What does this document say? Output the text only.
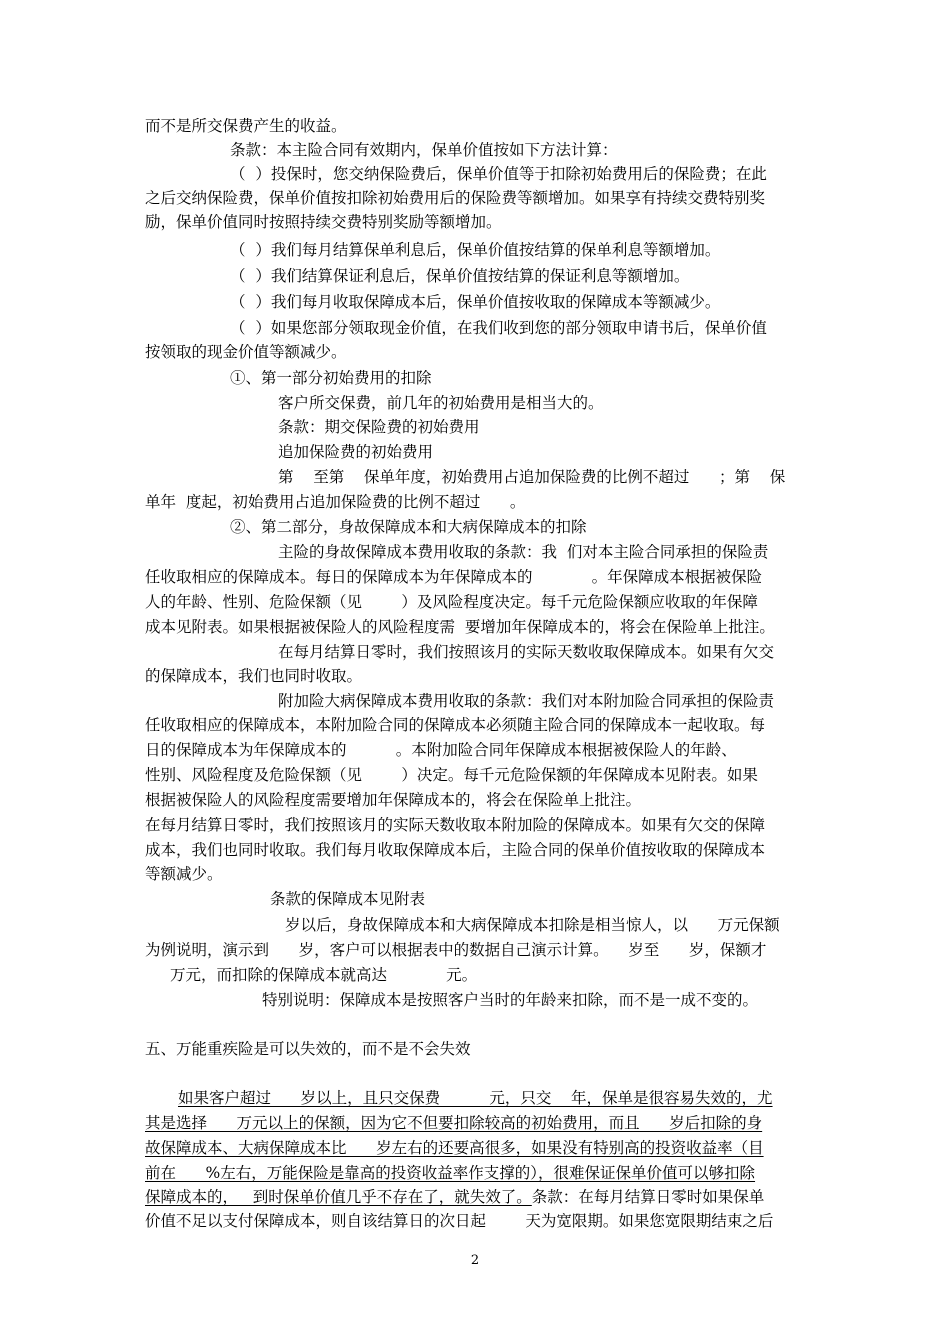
而不是所交保费产生的收益。
条款：本主险合同有效期内，保单价值按如下方法计算：
（  ）投保时，您交纳保险费后，保单价值等于扣除初始费用后的保险费；在此
之后交纳保险费，保单价值按扣除初始费用后的保险费等额增加。如果享有持续交费特别奖
励，保单价值同时按照持续交费特别奖励等额增加。
（  ）我们每月结算保单利息后，保单价值按结算的保单利息等额增加。
（  ）我们结算保证利息后，保单价值按结算的保证利息等额增加。
（  ）我们每月收取保障成本后，保单价值按收取的保障成本等额减少。
（  ）如果您部分领取现金价值，在我们收到您的部分领取申请书后，保单价值
按领取的现金价值等额减少。
①、第一部分初始费用的扣除
客户所交保费，前几年的初始费用是相当大的。
条款：期交保险费的初始费用
追加保险费的初始费用
第    至第    保单年度，初始费用占追加保险费的比例不超过      ；第    保
单年  度起，初始费用占追加保险费的比例不超过      。
②、第二部分，身故保障成本和大病保障成本的扣除
主险的身故保障成本费用收取的条款：我  们对本主险合同承担的保险责
任收取相应的保障成本。每日的保障成本为年保障成本的            。年保障成本根据被保险
人的年龄、性别、危险保额（见        ）及风险程度决定。每千元危险保额应收取的年保障
成本见附表。如果根据被保险人的风险程度需  要增加年保障成本的，将会在保险单上批注。
在每月结算日零时，我们按照该月的实际天数收取保障成本。如果有欠交
的保障成本，我们也同时收取。
附加险大病保障成本费用收取的条款：我们对本附加险合同承担的保险责
任收取相应的保障成本，本附加险合同的保障成本必须随主险合同的保障成本一起收取。每
日的保障成本为年保障成本的          。本附加险合同年保障成本根据被保险人的年龄、
性别、风险程度及危险保额（见        ）决定。每千元危险保额的年保障成本见附表。如果
根据被保险人的风险程度需要增加年保障成本的，将会在保险单上批注。
在每月结算日零时，我们按照该月的实际天数收取本附加险的保障成本。如果有欠交的保障
成本，我们也同时收取。我们每月收取保障成本后，主险合同的保单价值按收取的保障成本
等额减少。
条款的保障成本见附表
岁以后，身故保障成本和大病保障成本扣除是相当惊人，以      万元保额
为例说明，演示到      岁，客户可以根据表中的数据自己演示计算。    岁至      岁，保额才
万元，而扣除的保障成本就高达            元。
特别说明：保障成本是按照客户当时的年龄来扣除，而不是一成不变的。
五、万能重疾险是可以失效的，而不是不会失效
如果客户超过      岁以上，且只交保费          元，只交    年，保单是很容易失效的，尤
其是选择      万元以上的保额，因为它不但要扣除较高的初始费用，而且      岁后扣除的身
故保障成本、大病保障成本比      岁左右的还要高很多，如果没有特别高的投资收益率（目
前在      %左右，万能保险是靠高的投资收益率作支撑的），很难保证保单价值可以够扣除
保障成本的，   到时保单价值几乎不存在了，就失效了。条款：在每月结算日零时如果保单
价值不足以支付保障成本，则自该结算日的次日起        天为宽限期。如果您宽限期结束之后
2
